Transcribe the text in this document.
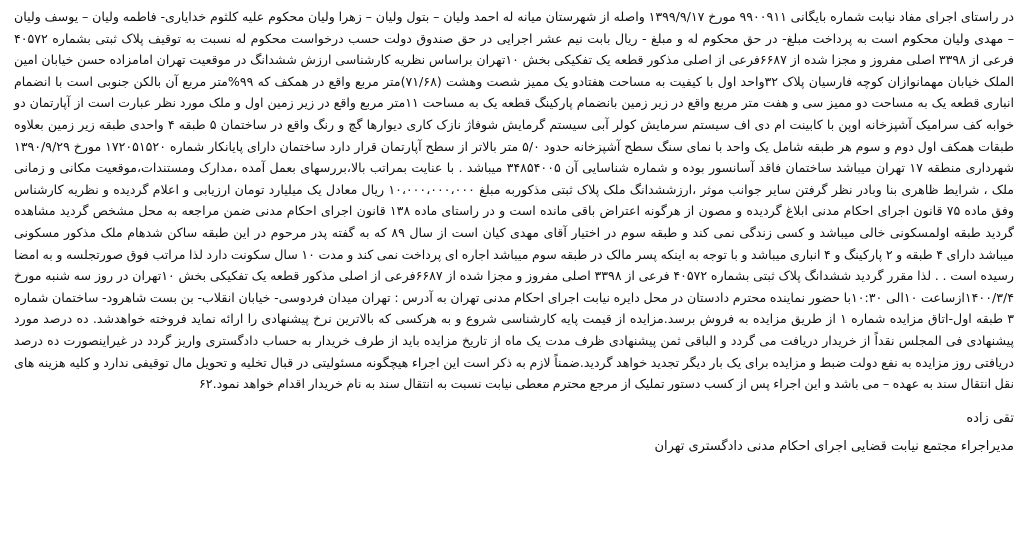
در راستای اجرای مفاد نیابت شماره بایگانی ۹۹۰۰۹۱۱ مورخ ۱۳۹۹/۹/۱۷ واصله از شهرستان میانه له احمد ولیان – بتول ولیان – زهرا ولیان محکوم علیه کلثوم خدایاری- فاطمه ولیان – یوسف ولیان – مهدی ولیان محکوم است به پرداخت مبلغ- در حق محکوم له و مبلغ - ریال بابت نیم عشر اجرایی در حق صندوق دولت حسب درخواست محکوم له نسبت به توقیف پلاک ثبتی بشماره ۴۰۵۷۲ فرعی از ۳۳۹۸ اصلی مفروز و مجزا شده از ۶۶۸۷فرعی از اصلی مذکور قطعه یک تفکیکی بخش ۱۰تهران براساس نظریه کارشناسی ارزش ششدانگ در موقعیت تهران امامزاده حسن خیابان امین الملک خیابان مهمانوازان کوچه فارسیان پلاک ۳۲واحد اول با کیفیت به مساحت هفتادو یک ممیز شصت وهشت (۷۱/۶۸)متر مربع واقع در همکف که ۹۹%متر مربع آن بالکن جنوبی است با انضمام انباری قطعه یک به مساحت دو ممیز سی و هفت متر مربع واقع در زیر زمین بانضمام پارکینگ قطعه یک به مساحت ۱۱متر مربع واقع در زیر زمین اول و ملک مورد نظر عبارت است از آپارتمان دو خوابه کف سرامیک آشپزخانه اوپن با کابینت ام دی اف سیستم سرمایش کولر آبی سیستم گرمایش شوفاژ نازک کاری دیوارها گچ و رنگ واقع در ساختمان ۵ طبقه ۴ واحدی طبقه زیر زمین بعلاوه طبقات همکف اول دوم و سوم هر طبقه شامل یک واحد با نمای سنگ سطح آشپزخانه حدود ۵/۰ متر بالاتر از سطح آپارتمان قرار دارد ساختمان دارای پایانکار شماره ۱۷۲۰۵۱۵۲۰ مورخ ۱۳۹۰/۹/۲۹ شهرداری منطقه ۱۷ تهران میباشد ساختمان فاقد آسانسور بوده و شماره شناسایی آن ۳۴۸۵۴۰۰۵ میباشد . با عنایت بمراتب بالا،بررسهای بعمل آمده ،مدارک ومستندات،موقعیت مکانی و زمانی ملک ، شرایط ظاهری بنا وبادر نظر گرفتن سایر جوانب موثر ،ارزششدانگ ملک پلاک ثبتی مذکوربه مبلغ ۱۰،۰۰۰،۰۰۰،۰۰۰ ریال معادل یک میلیارد تومان ارزیابی و اعلام گردیده و نظریه کارشناس وفق ماده ۷۵ قانون اجرای احکام مدنی ابلاغ گردیده و مصون از هرگونه اعتراض باقی مانده است و در راستای ماده ۱۳۸ قانون اجرای احکام مدنی ضمن مراجعه به محل مشخص گردید مشاهده گردید طبقه اولمسکونی خالی میباشد و کسی زندگی نمی کند و طبقه سوم در اختیار آقای مهدی کیان است از سال ۸۹ که به گفته پدر مرحوم در این طبقه ساکن شدهام ملک مذکور مسکونی میباشد دارای ۴ طبقه و ۲ پارکینگ و ۴ انباری میباشد و با توجه به اینکه پسر مالک در طبقه سوم میباشد اجاره ای پرداخت نمی کند و مدت ۱۰ سال سکونت دارد لذا مراتب فوق صورتجلسه و به امضا رسیده است . . لذا مقرر گردید ششدانگ پلاک ثبتی بشماره ۴۰۵۷۲ فرعی از ۳۳۹۸ اصلی مفروز و مجزا شده از ۶۶۸۷فرعی از اصلی مذکور قطعه یک تفکیکی بخش ۱۰تهران در روز سه شنبه مورخ ۱۴۰۰/۳/۴ازساعت ۱۰الی ۱۰:۳۰با حضور نماینده محترم دادستان در محل دایره نیابت اجرای احکام مدنی تهران به آدرس : تهران میدان فردوسی- خیابان انقلاب- بن بست شاهرود- ساختمان شماره ۳ طبقه اول-اتاق مزایده شماره ۱ از طریق مزایده به فروش برسد.مزایده از قیمت پایه کارشناسی شروع و به هرکسی که بالاترین نرخ پیشنهادی را ارائه نماید فروخته خواهدشد. ده درصد مورد پیشنهادی فی المجلس نقداً از خریدار دریافت می گردد و الباقی ثمن پیشنهادی ظرف مدت یک ماه از تاریخ مزایده باید از طرف خریدار به حساب دادگستری واریز گردد در غیراینصورت ده درصد دریافتی روز مزایده به نفع دولت ضبط و مزایده برای یک بار دیگر تجدید خواهد گردید.ضمناً لازم به ذکر است این اجراء هیچگونه مسئولیتی در قبال تخلیه و تحویل مال توقیفی ندارد و کلیه هزینه های نقل انتقال سند به عهده – می باشد و این اجراء پس از کسب دستور تملیک از مرجع محترم معطی نیابت نسبت به انتقال سند به نام خریدار اقدام خواهد نمود.۶۲

تقی زاده
مدیراجراء مجتمع نیابت قضایی اجرای احکام مدنی دادگستری تهران
